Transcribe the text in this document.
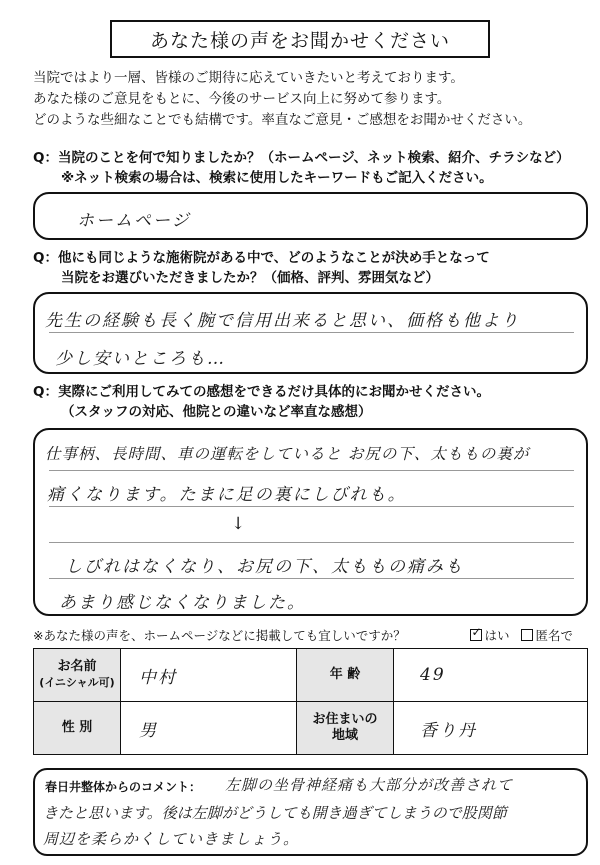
あなた様の声をお聞かせください
当院ではより一層、皆様のご期待に応えていきたいと考えております。
あなた様のご意見をもとに、今後のサービス向上に努めて参ります。
どのような些細なことでも結構です。率直なご意見・ご感想をお聞かせください。
Q：当院のことを何で知りましたか？（ホームページ、ネット検索、紹介、チラシなど）
※ネット検索の場合は、検索に使用したキーワードもご記入ください。
ホームページ
Q：他にも同じような施術院がある中で、どのようなことが決め手となって
当院をお選びいただきましたか？（価格、評判、雰囲気など）
先生の経験も長く腕で信用出来ると思い、価格も他より
少し安いところも…
Q：実際にご利用してみての感想をできるだけ具体的にお聞かせください。
（スタッフの対応、他院との違いなど率直な感想）
仕事柄、長時間、車の運転をしていると お尻の下、太ももの裏が
痛くなります。たまに足の裏にしびれも。
↓
しびれはなくなり、お尻の下、太ももの痛みも
あまり感じなくなりました。
※あなた様の声を、ホームページなどに掲載しても宜しいですか？ ✓	はい	匿名で
お名前
(イニシャル可)	中村	年 齢	49
性 別	男	お住まいの
地域	香り丹
春日井整体からのコメント： 左脚の坐骨神経痛も大部分が改善されて
きたと思います。後は左脚がどうしても開き過ぎてしまうので股関節
周辺を柔らかくしていきましょう。
